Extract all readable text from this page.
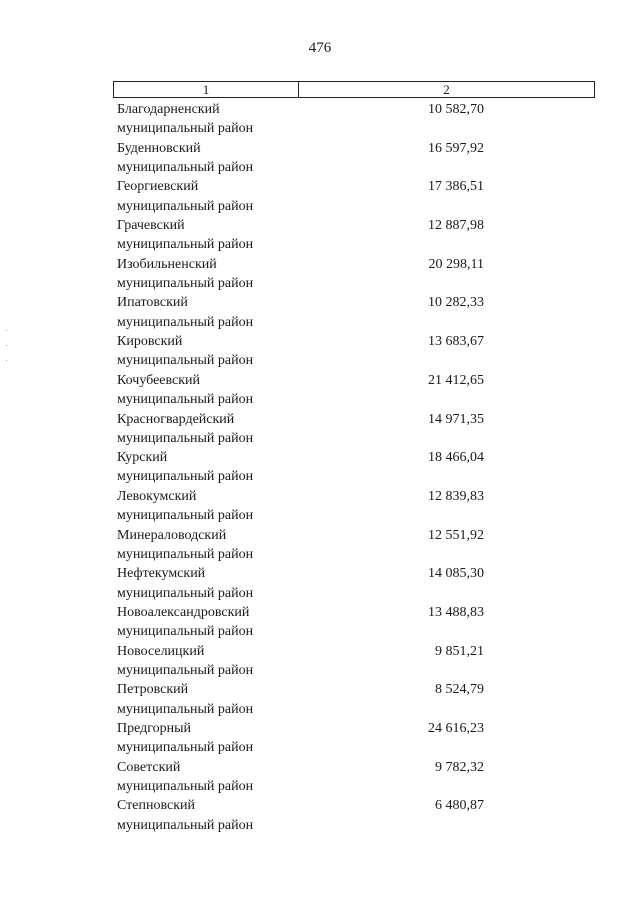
476
1	2
Благодарненский
муниципальный район
10 582,70
Буденновский
муниципальный район
16 597,92
Георгиевский
муниципальный район
17 386,51
Грачевский
муниципальный район
12 887,98
Изобильненский
муниципальный район
20 298,11
Ипатовский
муниципальный район
10 282,33
Кировский
муниципальный район
13 683,67
Кочубеевский
муниципальный район
21 412,65
Красногвардейский
муниципальный район
14 971,35
Курский
муниципальный район
18 466,04
Левокумский
муниципальный район
12 839,83
Минераловодский
муниципальный район
12 551,92
Нефтекумский
муниципальный район
14 085,30
Новоалександровский
муниципальный район
13 488,83
Новоселицкий
муниципальный район
9 851,21
Петровский
муниципальный район
8 524,79
Предгорный
муниципальный район
24 616,23
Советский
муниципальный район
9 782,32
Степновский
муниципальный район
6 480,87
